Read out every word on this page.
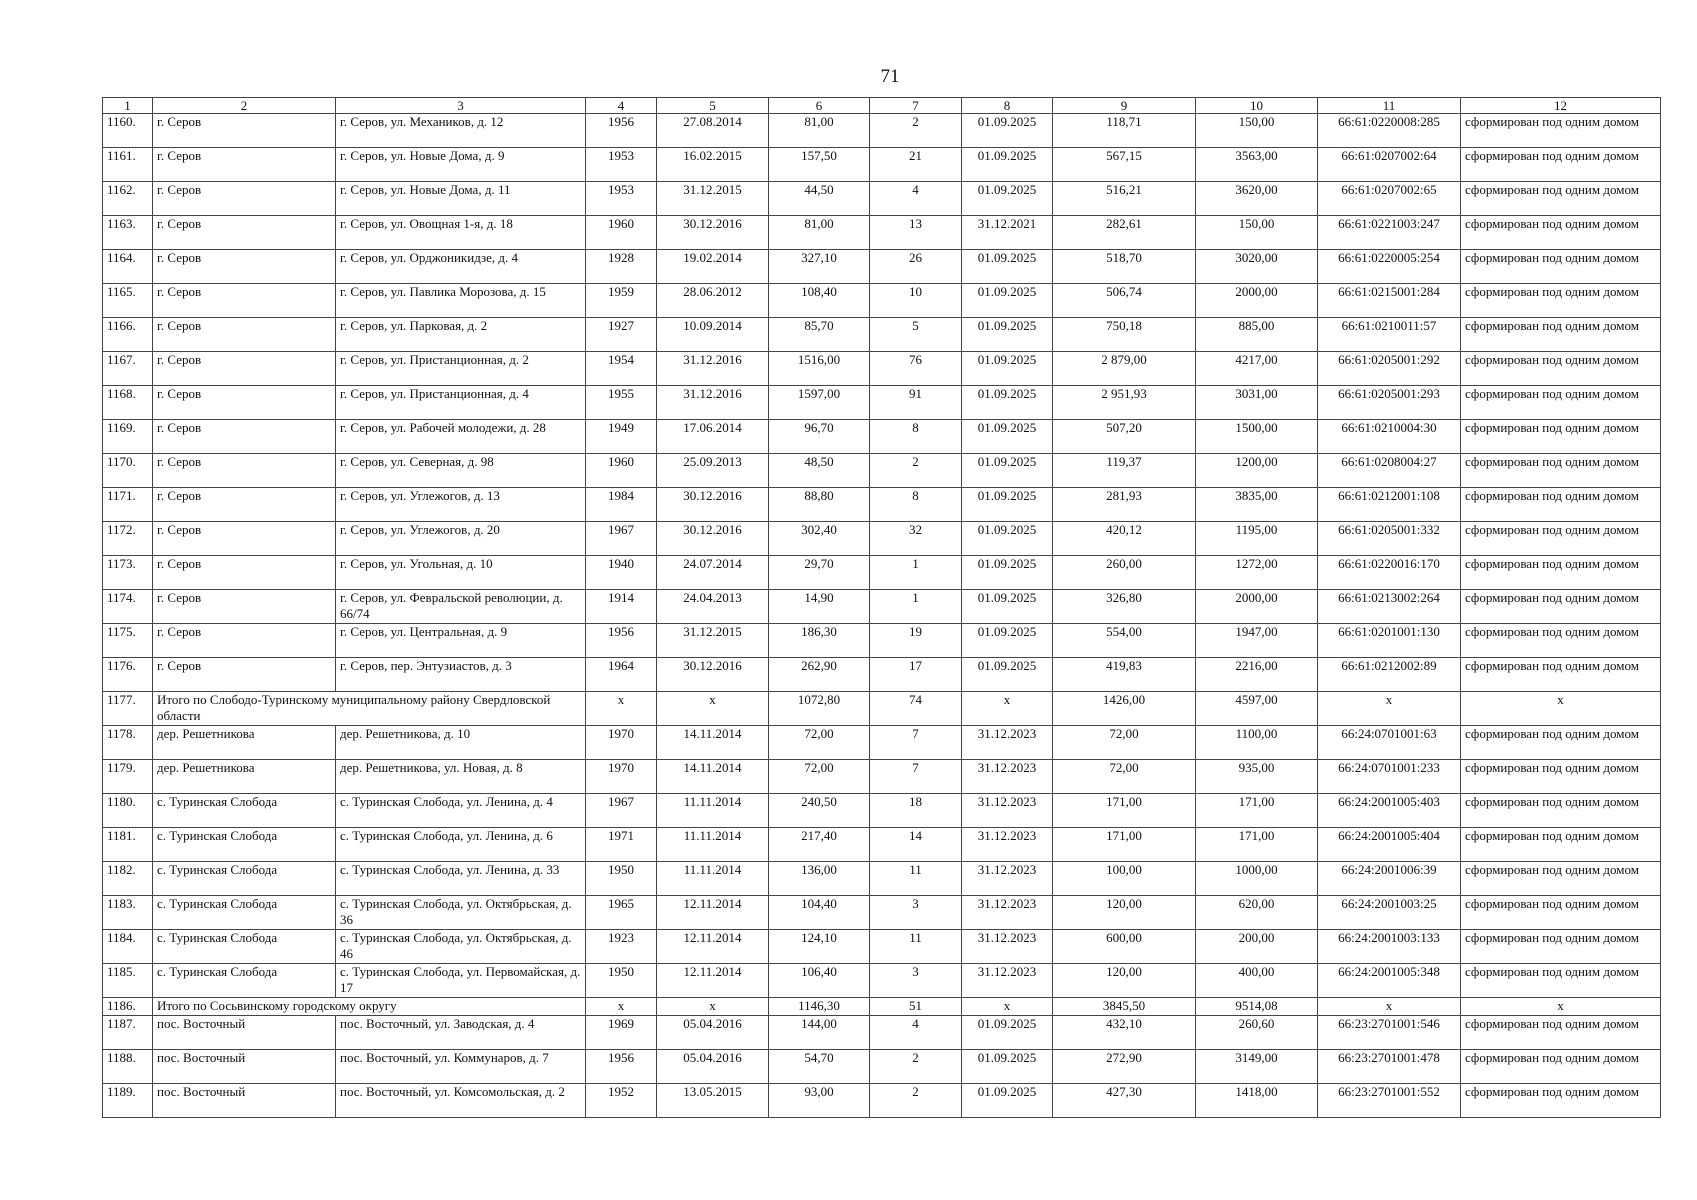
71
1	2	3	4	5	6	7	8	9	10	11	12
1160.	г. Серов	г. Серов, ул. Механиков, д. 12	1956	27.08.2014	81,00	2	01.09.2025	118,71	150,00	66:61:0220008:285	сформирован под одним домом
1161.	г. Серов	г. Серов, ул. Новые Дома, д. 9	1953	16.02.2015	157,50	21	01.09.2025	567,15	3563,00	66:61:0207002:64	сформирован под одним домом
1162.	г. Серов	г. Серов, ул. Новые Дома, д. 11	1953	31.12.2015	44,50	4	01.09.2025	516,21	3620,00	66:61:0207002:65	сформирован под одним домом
1163.	г. Серов	г. Серов, ул. Овощная 1-я, д. 18	1960	30.12.2016	81,00	13	31.12.2021	282,61	150,00	66:61:0221003:247	сформирован под одним домом
1164.	г. Серов	г. Серов, ул. Орджоникидзе, д. 4	1928	19.02.2014	327,10	26	01.09.2025	518,70	3020,00	66:61:0220005:254	сформирован под одним домом
1165.	г. Серов	г. Серов, ул. Павлика Морозова, д. 15	1959	28.06.2012	108,40	10	01.09.2025	506,74	2000,00	66:61:0215001:284	сформирован под одним домом
1166.	г. Серов	г. Серов, ул. Парковая, д. 2	1927	10.09.2014	85,70	5	01.09.2025	750,18	885,00	66:61:0210011:57	сформирован под одним домом
1167.	г. Серов	г. Серов, ул. Пристанционная, д. 2	1954	31.12.2016	1516,00	76	01.09.2025	2 879,00	4217,00	66:61:0205001:292	сформирован под одним домом
1168.	г. Серов	г. Серов, ул. Пристанционная, д. 4	1955	31.12.2016	1597,00	91	01.09.2025	2 951,93	3031,00	66:61:0205001:293	сформирован под одним домом
1169.	г. Серов	г. Серов, ул. Рабочей молодежи, д. 28	1949	17.06.2014	96,70	8	01.09.2025	507,20	1500,00	66:61:0210004:30	сформирован под одним домом
1170.	г. Серов	г. Серов, ул. Северная, д. 98	1960	25.09.2013	48,50	2	01.09.2025	119,37	1200,00	66:61:0208004:27	сформирован под одним домом
1171.	г. Серов	г. Серов, ул. Углежогов, д. 13	1984	30.12.2016	88,80	8	01.09.2025	281,93	3835,00	66:61:0212001:108	сформирован под одним домом
1172.	г. Серов	г. Серов, ул. Углежогов, д. 20	1967	30.12.2016	302,40	32	01.09.2025	420,12	1195,00	66:61:0205001:332	сформирован под одним домом
1173.	г. Серов	г. Серов, ул. Угольная, д. 10	1940	24.07.2014	29,70	1	01.09.2025	260,00	1272,00	66:61:0220016:170	сформирован под одним домом
1174.	г. Серов	г. Серов, ул. Февральской революции, д. 66/74	1914	24.04.2013	14,90	1	01.09.2025	326,80	2000,00	66:61:0213002:264	сформирован под одним домом
1175.	г. Серов	г. Серов, ул. Центральная, д. 9	1956	31.12.2015	186,30	19	01.09.2025	554,00	1947,00	66:61:0201001:130	сформирован под одним домом
1176.	г. Серов	г. Серов, пер. Энтузиастов, д. 3	1964	30.12.2016	262,90	17	01.09.2025	419,83	2216,00	66:61:0212002:89	сформирован под одним домом
1177.	Итого по Слободо-Туринскому муниципальному району Свердловской области		х	х	1072,80	74	х	1426,00	4597,00	х	х
1178.	дер. Решетникова	дер. Решетникова, д. 10	1970	14.11.2014	72,00	7	31.12.2023	72,00	1100,00	66:24:0701001:63	сформирован под одним домом
1179.	дер. Решетникова	дер. Решетникова, ул. Новая, д. 8	1970	14.11.2014	72,00	7	31.12.2023	72,00	935,00	66:24:0701001:233	сформирован под одним домом
1180.	с. Туринская Слобода	с. Туринская Слобода, ул. Ленина, д. 4	1967	11.11.2014	240,50	18	31.12.2023	171,00	171,00	66:24:2001005:403	сформирован под одним домом
1181.	с. Туринская Слобода	с. Туринская Слобода, ул. Ленина, д. 6	1971	11.11.2014	217,40	14	31.12.2023	171,00	171,00	66:24:2001005:404	сформирован под одним домом
1182.	с. Туринская Слобода	с. Туринская Слобода, ул. Ленина, д. 33	1950	11.11.2014	136,00	11	31.12.2023	100,00	1000,00	66:24:2001006:39	сформирован под одним домом
1183.	с. Туринская Слобода	с. Туринская Слобода, ул. Октябрьская, д. 36	1965	12.11.2014	104,40	3	31.12.2023	120,00	620,00	66:24:2001003:25	сформирован под одним домом
1184.	с. Туринская Слобода	с. Туринская Слобода, ул. Октябрьская, д. 46	1923	12.11.2014	124,10	11	31.12.2023	600,00	200,00	66:24:2001003:133	сформирован под одним домом
1185.	с. Туринская Слобода	с. Туринская Слобода, ул. Первомайская, д. 17	1950	12.11.2014	106,40	3	31.12.2023	120,00	400,00	66:24:2001005:348	сформирован под одним домом
1186.	Итого по Сосьвинскому городскому округу		х	х	1146,30	51	х	3845,50	9514,08	х	х
1187.	пос. Восточный	пос. Восточный, ул. Заводская, д. 4	1969	05.04.2016	144,00	4	01.09.2025	432,10	260,60	66:23:2701001:546	сформирован под одним домом
1188.	пос. Восточный	пос. Восточный, ул. Коммунаров, д. 7	1956	05.04.2016	54,70	2	01.09.2025	272,90	3149,00	66:23:2701001:478	сформирован под одним домом
1189.	пос. Восточный	пос. Восточный, ул. Комсомольская, д. 2	1952	13.05.2015	93,00	2	01.09.2025	427,30	1418,00	66:23:2701001:552	сформирован под одним домом
